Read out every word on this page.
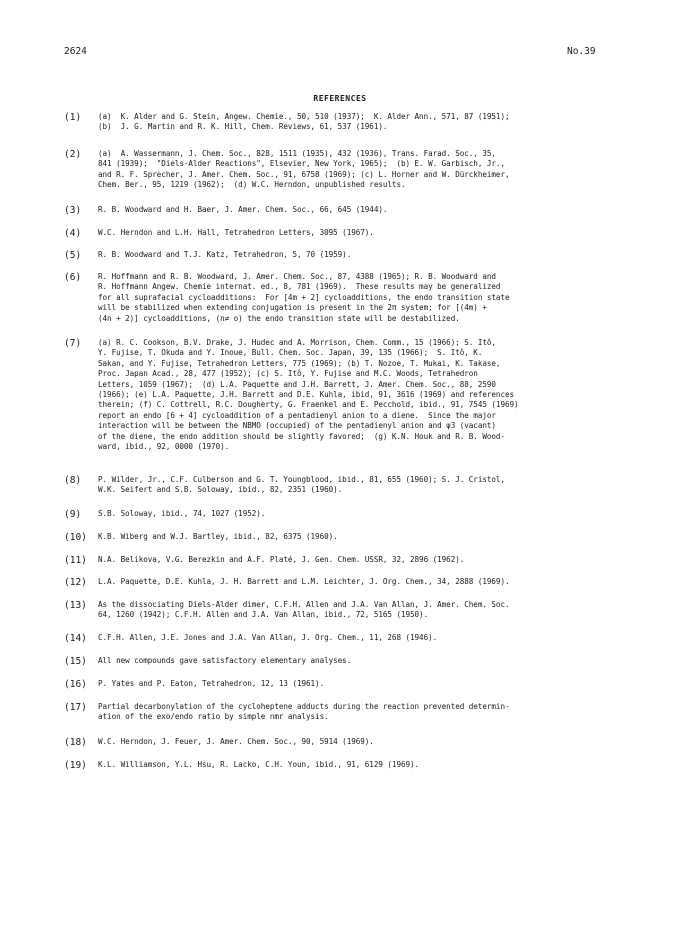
2624	No.39
REFERENCES
(1) (a)  K. Alder and G. Stein, Angew. Chemie., 50, 510 (1937);  K. Alder Ann., 571, 87 (1951);
(b)  J. G. Martin and R. K. Hill, Chem. Reviews, 61, 537 (1961).
(2) (a)  A. Wassermann, J. Chem. Soc., 828, 1511 (1935), 432 (1936), Trans. Farad. Soc., 35,
841 (1939);  "Diels-Alder Reactions", Elsevier, New York, 1965);  (b) E. W. Garbisch, Jr.,
and R. F. Sprecher, J. Amer. Chem. Soc., 91, 6758 (1969); (c) L. Horner and W. Dürckheimer,
Chem. Ber., 95, 1219 (1962);  (d) W.C. Herndon, unpublished results.
(3) R. B. Woodward and H. Baer, J. Amer. Chem. Soc., 66, 645 (1944).
(4) W.C. Herndon and L.H. Hall, Tetrahedron Letters, 3095 (1967).
(5) R. B. Woodward and T.J. Katz, Tetrahedron, 5, 70 (1959).
(6) R. Hoffmann and R. B. Woodward, J. Amer. Chem. Soc., 87, 4388 (1965); R. B. Woodward and
R. Hoffmann Angew. Chemie internat. ed., 8, 781 (1969).  These results may be generalized
for all suprafacial cycloadditions:  For [4m + 2] cycloadditions, the endo transition state
will be stabilized when extending conjugation is present in the 2π system; for [(4m) +
(4n + 2)] cycloadditions, (n≠ o) the endo transition state will be destabilized.
(7) (a) R. C. Cookson, B.V. Drake, J. Hudec and A. Morrison, Chem. Comm., 15 (1966); S. Itô,
Y. Fujise, T. Okuda and Y. Inoue, Bull. Chem. Soc. Japan, 39, 135 (1966);  S. Itô, K.
Sakan, and Y. Fujise, Tetrahedron Letters, 775 (1969); (b) T. Nozoe, T. Mukai, K. Takase,
Proc. Japan Acad., 28, 477 (1952); (c) S. Itô, Y. Fujise and M.C. Woods, Tetrahedron
Letters, 1059 (1967);  (d) L.A. Paquette and J.H. Barrett, J. Amer. Chem. Soc., 88, 2590
(1966); (e) L.A. Paquette, J.H. Barrett and D.E. Kuhla, ibid, 91, 3616 (1969) and references
therein; (f) C. Cottrell, R.C. Dougherty, G. Fraenkel and E. Pecchold, ibid., 91, 7545 (1969)
report an endo [6 + 4] cycloaddition of a pentadienyl anion to a diene.  Since the major
interaction will be between the NBMO (occupied) of the pentadienyl anion and ψ3 (vacant)
of the diene, the endo addition should be slightly favored;  (g) K.N. Houk and R. B. Wood-
ward, ibid., 92, 0000 (1970).
(8) P. Wilder, Jr., C.F. Culberson and G. T. Youngblood, ibid., 81, 655 (1960); S. J. Cristol,
W.K. Seifert and S.B. Soloway, ibid., 82, 2351 (1960).
(9) S.B. Soloway, ibid., 74, 1027 (1952).
(10) K.B. Wiberg and W.J. Bartley, ibid., 82, 6375 (1960).
(11) N.A. Belikova, V.G. Berezkin and A.F. Platé, J. Gen. Chem. USSR, 32, 2896 (1962).
(12) L.A. Paquette, D.E. Kuhla, J. H. Barrett and L.M. Leichter, J. Org. Chem., 34, 2888 (1969).
(13) As the dissociating Diels-Alder dimer, C.F.H. Allen and J.A. Van Allan, J. Amer. Chem. Soc.
64, 1260 (1942); C.F.H. Allen and J.A. Van Allan, ibid., 72, 5165 (1950).
(14) C.F.H. Allen, J.E. Jones and J.A. Van Allan, J. Org. Chem., 11, 268 (1946).
(15) All new compounds gave satisfactory elementary analyses.
(16) P. Yates and P. Eaton, Tetrahedron, 12, 13 (1961).
(17) Partial decarbonylation of the cycloheptene adducts during the reaction prevented determin-
ation of the exo/endo ratio by simple nmr analysis.
(18) W.C. Herndon, J. Feuer, J. Amer. Chem. Soc., 90, 5914 (1969).
(19) K.L. Williamson, Y.L. Hsu, R. Lacko, C.H. Youn, ibid., 91, 6129 (1969).
